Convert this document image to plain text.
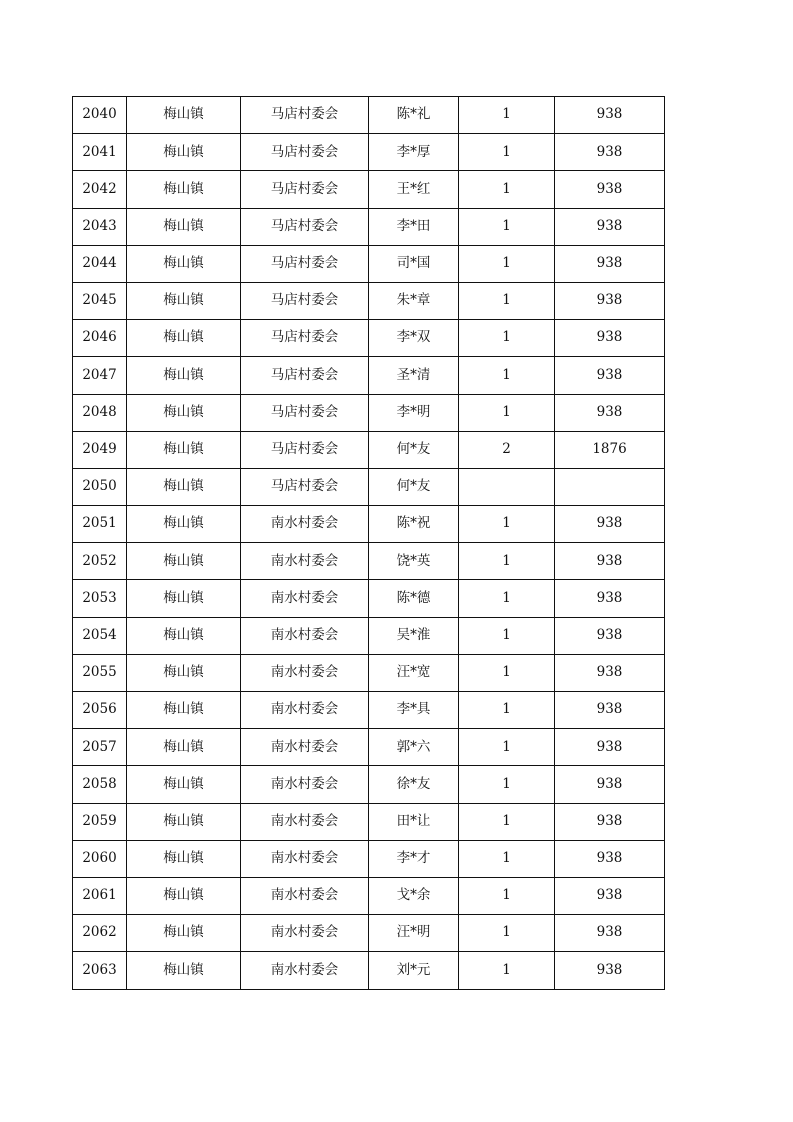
2040	梅山镇	马店村委会	陈*礼	1	938
2041	梅山镇	马店村委会	李*厚	1	938
2042	梅山镇	马店村委会	王*红	1	938
2043	梅山镇	马店村委会	李*田	1	938
2044	梅山镇	马店村委会	司*国	1	938
2045	梅山镇	马店村委会	朱*章	1	938
2046	梅山镇	马店村委会	李*双	1	938
2047	梅山镇	马店村委会	圣*清	1	938
2048	梅山镇	马店村委会	李*明	1	938
2049	梅山镇	马店村委会	何*友	2	1876
2050	梅山镇	马店村委会	何*友		
2051	梅山镇	南水村委会	陈*祝	1	938
2052	梅山镇	南水村委会	饶*英	1	938
2053	梅山镇	南水村委会	陈*德	1	938
2054	梅山镇	南水村委会	吴*淮	1	938
2055	梅山镇	南水村委会	汪*宽	1	938
2056	梅山镇	南水村委会	李*具	1	938
2057	梅山镇	南水村委会	郭*六	1	938
2058	梅山镇	南水村委会	徐*友	1	938
2059	梅山镇	南水村委会	田*让	1	938
2060	梅山镇	南水村委会	李*才	1	938
2061	梅山镇	南水村委会	戈*余	1	938
2062	梅山镇	南水村委会	汪*明	1	938
2063	梅山镇	南水村委会	刘*元	1	938
